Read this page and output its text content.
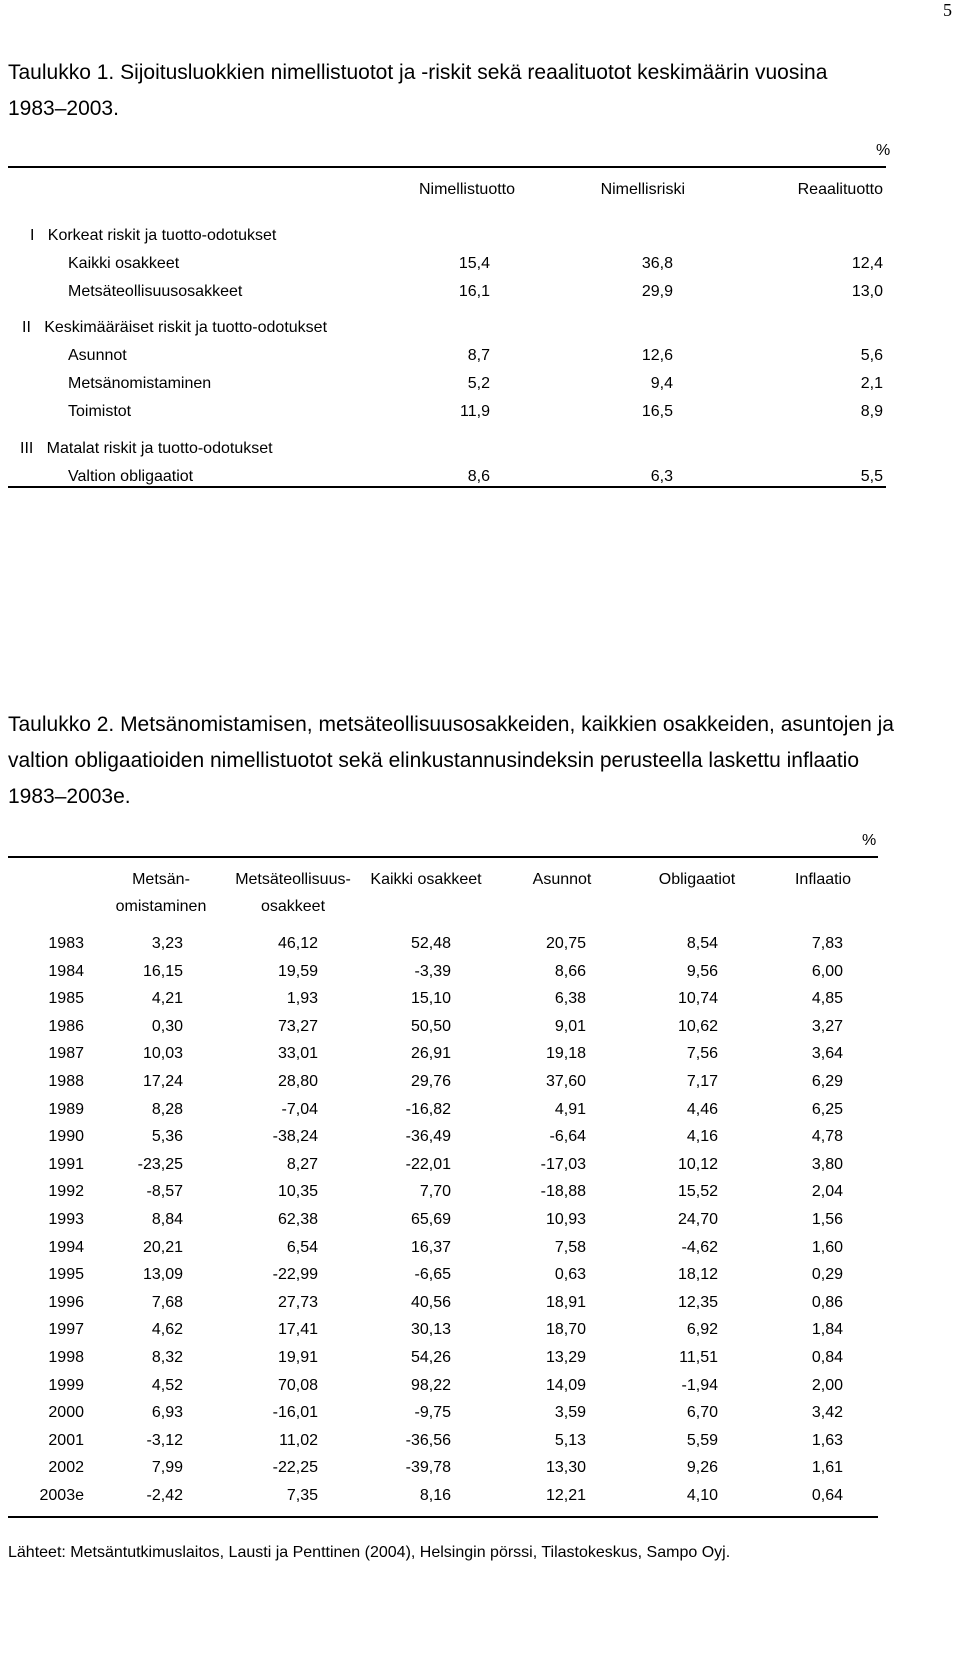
5
Taulukko 1. Sijoitusluokkien nimellistuotot ja -riskit sekä reaalituotot keskimäärin vuosina
1983–2003.
%
Nimellistuotto	Nimellisriski	Reaalituotto
I   Korkeat riskit ja tuotto-odotukset
Kaikki osakkeet	15,4	36,8	12,4
Metsäteollisuusosakkeet	16,1	29,9	13,0
II   Keskimääräiset riskit ja tuotto-odotukset
Asunnot	8,7	12,6	5,6
Metsänomistaminen	5,2	9,4	2,1
Toimistot	11,9	16,5	8,9
III   Matalat riskit ja tuotto-odotukset
Valtion obligaatiot	8,6	6,3	5,5
Taulukko 2. Metsänomistamisen, metsäteollisuusosakkeiden, kaikkien osakkeiden, asuntojen ja
valtion obligaatioiden nimellistuotot sekä elinkustannusindeksin perusteella laskettu inflaatio
1983–2003e.
%
Metsän-
omistaminen
Metsäteollisuus-
osakkeet
Kaikki osakkeet	Asunnot	Obligaatiot	Inflaatio
1983	3,23	46,12	52,48	20,75	8,54	7,83
1984	16,15	19,59	-3,39	8,66	9,56	6,00
1985	4,21	1,93	15,10	6,38	10,74	4,85
1986	0,30	73,27	50,50	9,01	10,62	3,27
1987	10,03	33,01	26,91	19,18	7,56	3,64
1988	17,24	28,80	29,76	37,60	7,17	6,29
1989	8,28	-7,04	-16,82	4,91	4,46	6,25
1990	5,36	-38,24	-36,49	-6,64	4,16	4,78
1991	-23,25	8,27	-22,01	-17,03	10,12	3,80
1992	-8,57	10,35	7,70	-18,88	15,52	2,04
1993	8,84	62,38	65,69	10,93	24,70	1,56
1994	20,21	6,54	16,37	7,58	-4,62	1,60
1995	13,09	-22,99	-6,65	0,63	18,12	0,29
1996	7,68	27,73	40,56	18,91	12,35	0,86
1997	4,62	17,41	30,13	18,70	6,92	1,84
1998	8,32	19,91	54,26	13,29	11,51	0,84
1999	4,52	70,08	98,22	14,09	-1,94	2,00
2000	6,93	-16,01	-9,75	3,59	6,70	3,42
2001	-3,12	11,02	-36,56	5,13	5,59	1,63
2002	7,99	-22,25	-39,78	13,30	9,26	1,61
2003e	-2,42	7,35	8,16	12,21	4,10	0,64
Lähteet: Metsäntutkimuslaitos, Lausti ja Penttinen (2004), Helsingin pörssi, Tilastokeskus, Sampo Oyj.
